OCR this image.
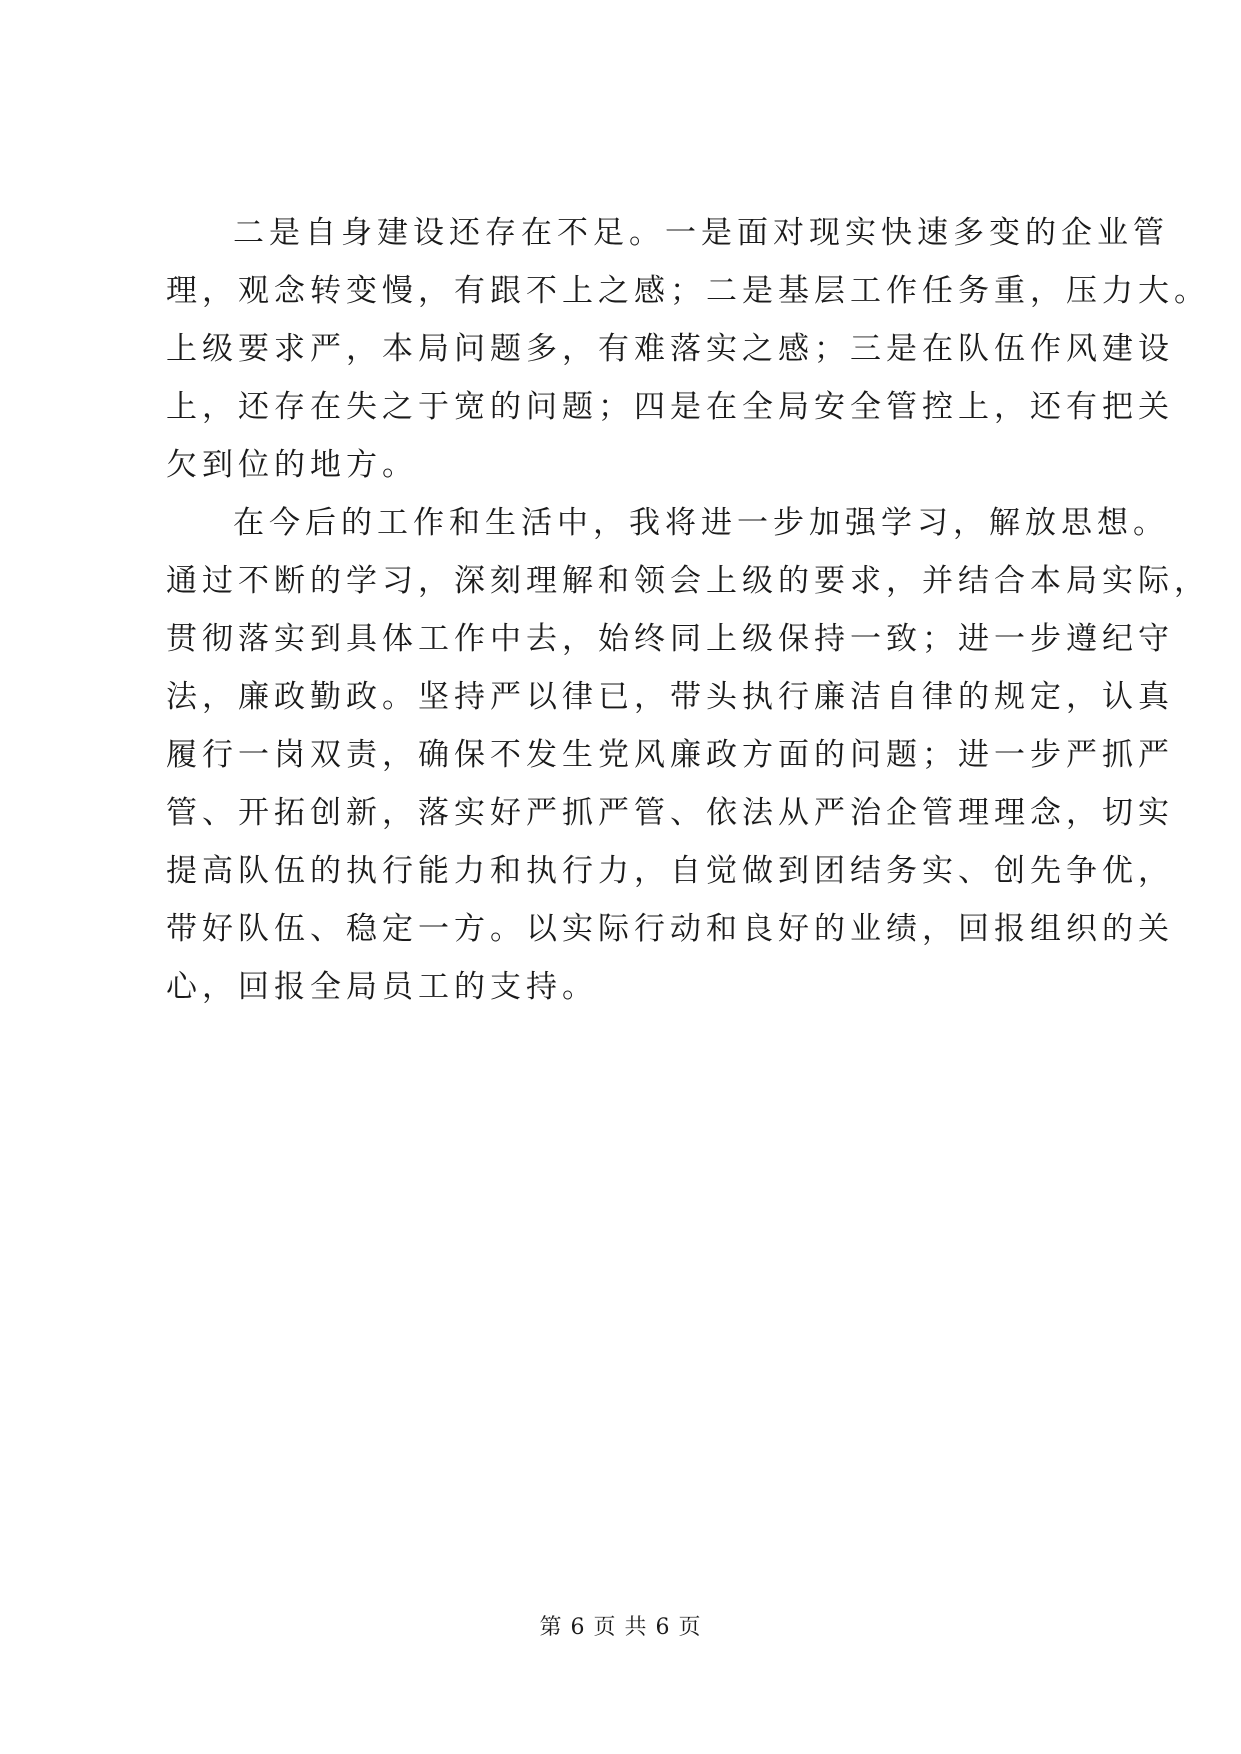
二是自身建设还存在不足。一是面对现实快速多变的企业管
理，观念转变慢，有跟不上之感；二是基层工作任务重，压力大。
上级要求严，本局问题多，有难落实之感；三是在队伍作风建设
上，还存在失之于宽的问题；四是在全局安全管控上，还有把关
欠到位的地方。
在今后的工作和生活中，我将进一步加强学习，解放思想。
通过不断的学习，深刻理解和领会上级的要求，并结合本局实际，
贯彻落实到具体工作中去，始终同上级保持一致；进一步遵纪守
法，廉政勤政。坚持严以律已，带头执行廉洁自律的规定，认真
履行一岗双责，确保不发生党风廉政方面的问题；进一步严抓严
管、开拓创新，落实好严抓严管、依法从严治企管理理念，切实
提高队伍的执行能力和执行力，自觉做到团结务实、创先争优，
带好队伍、稳定一方。以实际行动和良好的业绩，回报组织的关
心，回报全局员工的支持。
第 6 页 共 6 页
